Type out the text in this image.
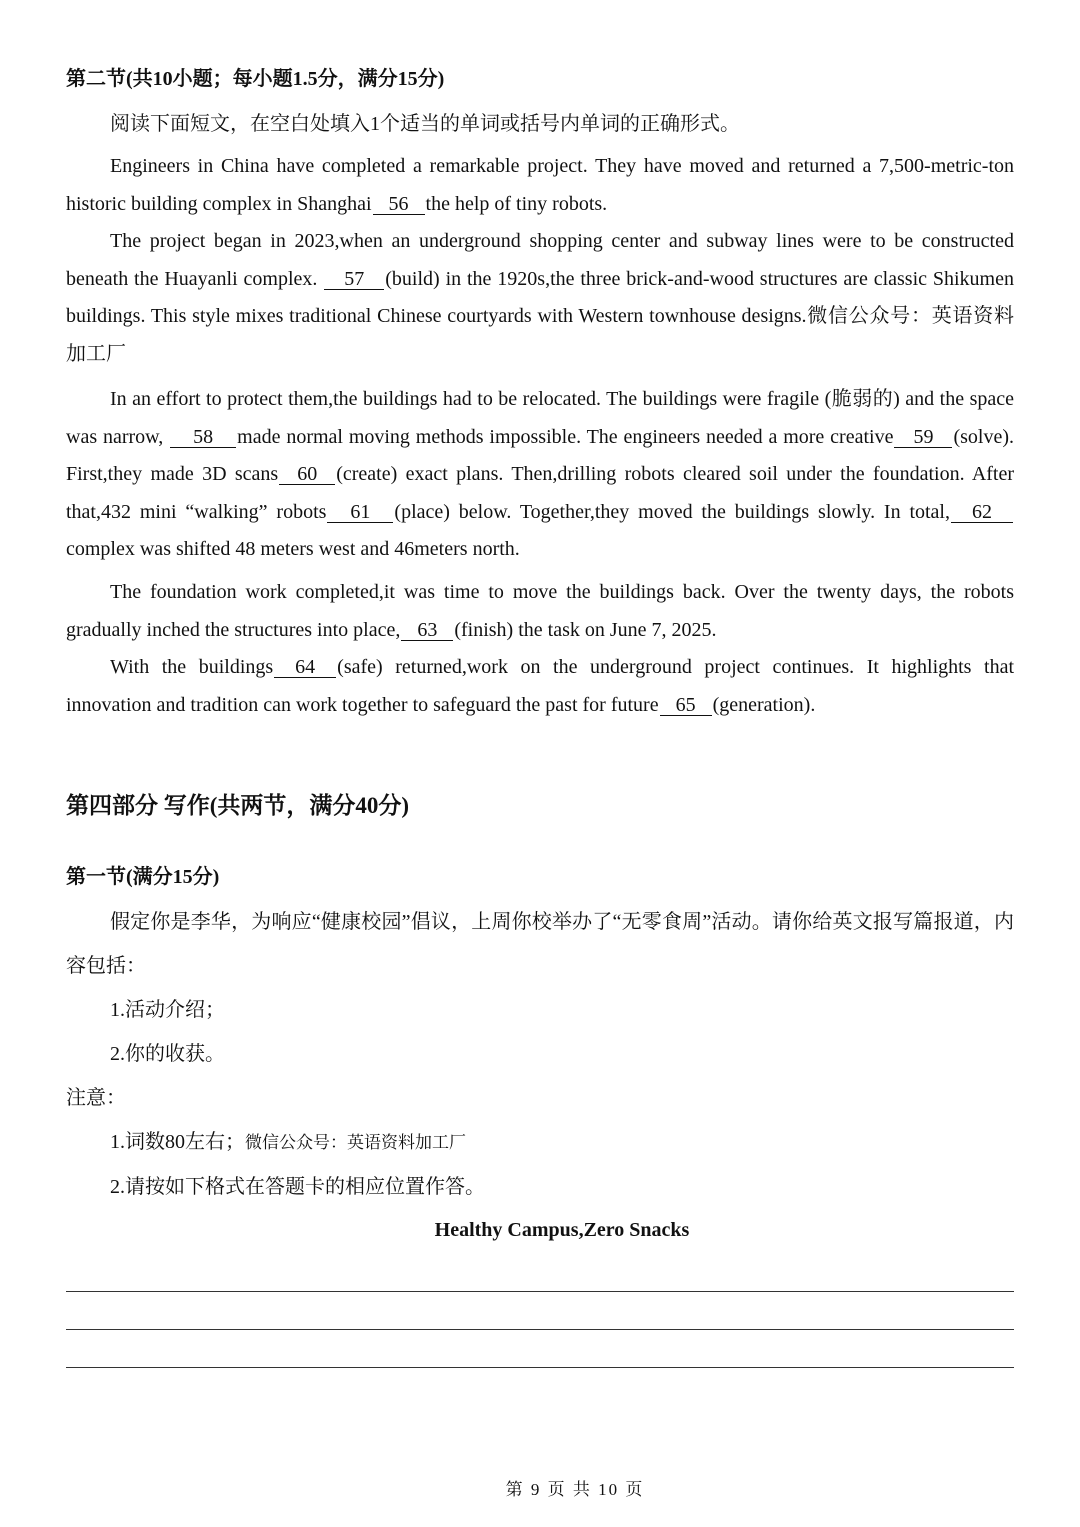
第二节(共10小题；每小题1.5分，满分15分)
阅读下面短文，在空白处填入1个适当的单词或括号内单词的正确形式。

Engineers in China have completed a remarkable project. They have moved and returned a 7,500-metric-ton historic building complex in Shanghai 56 the help of tiny robots.

The project began in 2023,when an underground shopping center and subway lines were to be constructed beneath the Huayanli complex. 57 (build) in the 1920s,the three brick-and-wood structures are classic Shikumen buildings. This style mixes traditional Chinese courtyards with Western townhouse designs.微信公众号：英语资料加工厂

In an effort to protect them,the buildings had to be relocated. The buildings were fragile (脆弱的) and the space was narrow, 58 made normal moving methods impossible. The engineers needed a more creative 59 (solve). First,they made 3D scans 60 (create) exact plans. Then,drilling robots cleared soil under the foundation. After that,432 mini “walking” robots 61 (place) below. Together,they moved the buildings slowly. In total, 62complex was shifted 48 meters west and 46meters north.

The foundation work completed,it was time to move the buildings back. Over the twenty days, the robots gradually inched the structures into place, 63 (finish) the task on June 7, 2025.

With the buildings 64 (safe) returned,work on the underground project continues. It highlights that innovation and tradition can work together to safeguard the past for future 65 (generation).

第四部分 写作(共两节，满分40分)
第一节(满分15分)

假定你是李华，为响应“健康校园”倡议，上周你校举办了“无零食周”活动。请你给英文报写篇报道，内容包括：

1.活动介绍；
2.你的收获。
注意：
1.词数80左右；微信公众号：英语资料加工厂
2.请按如下格式在答题卡的相应位置作答。
Healthy Campus,Zero Snacks
第 9 页 共 10 页
